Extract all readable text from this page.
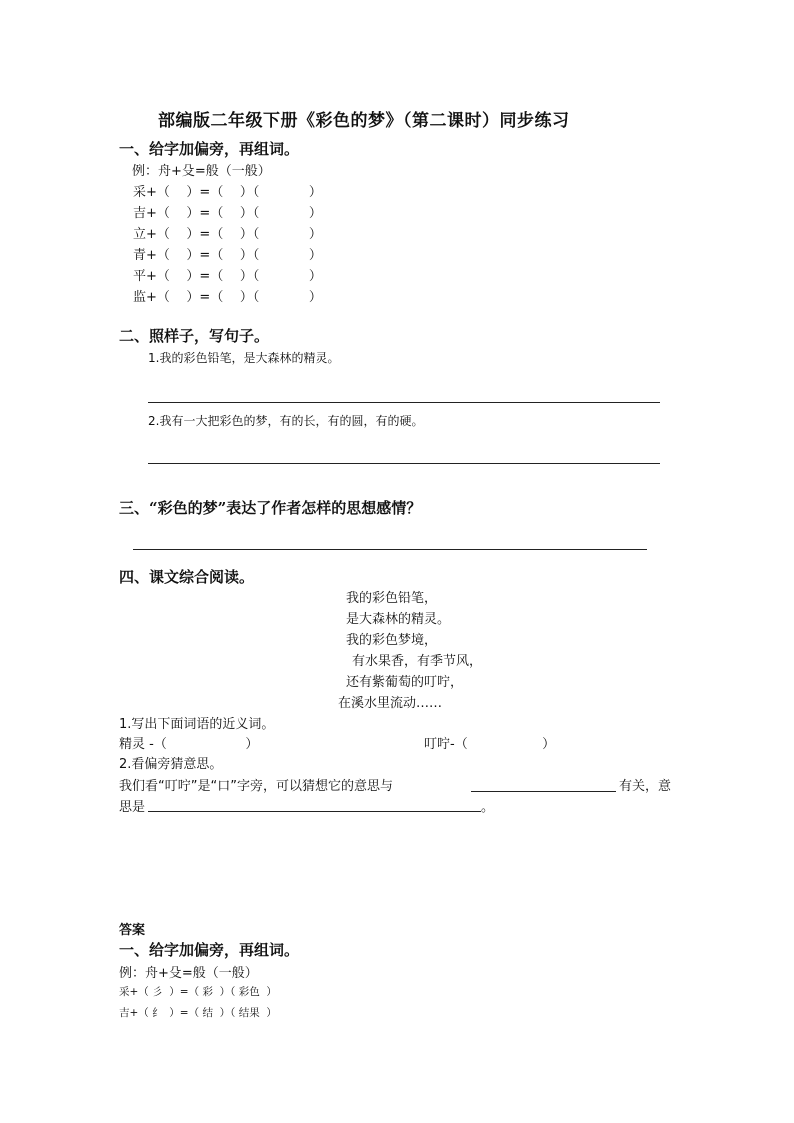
部编版二年级下册《彩色的梦》（第二课时）同步练习
一、给字加偏旁，再组词。
例：舟+殳=般（一般）
采+（    ）=（    ）（            ）
吉+（    ）=（    ）（            ）
立+（    ）=（    ）（            ）
青+（    ）=（    ）（            ）
平+（    ）=（    ）（            ）
监+（    ）=（    ）（            ）
二、照样子，写句子。
1.我的彩色铅笔，是大森林的精灵。
2.我有一大把彩色的梦，有的长，有的圆，有的硬。
三、“彩色的梦”表达了作者怎样的思想感情？
四、课文综合阅读。
我的彩色铅笔，
是大森林的精灵。
我的彩色梦境，
有水果香，有季节风，
还有紫葡萄的叮咛，
在溪水里流动……
1.写出下面词语的近义词。
精灵 -（                   ）	叮咛-（                  ）
2.看偏旁猜意思。
我们看“叮咛”是“口”字旁，可以猜想它的意思与	有关，意
思是	。
答案
一、给字加偏旁，再组词。
例：舟+殳=般（一般）
采+（ 彡  ）=（ 彩  ）（ 彩色  ）
吉+（ 纟  ）=（ 结  ）（ 结果  ）
